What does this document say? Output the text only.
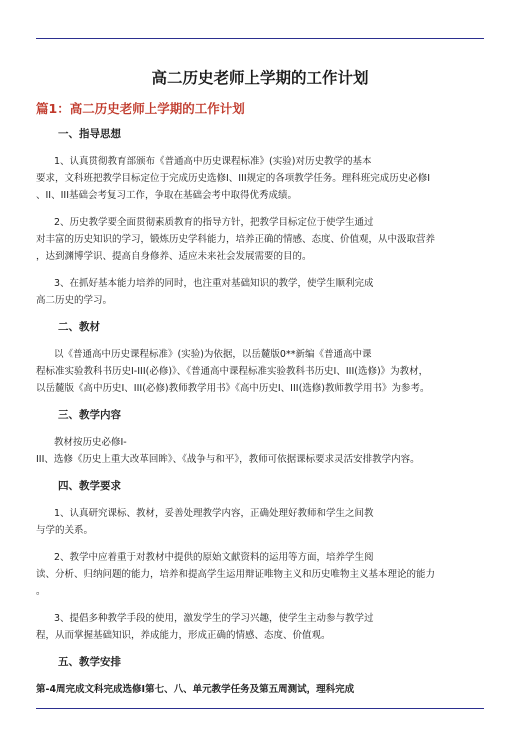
高二历史老师上学期的工作计划
篇1：高二历史老师上学期的工作计划
一、指导思想
1、认真贯彻教育部颁布《普通高中历史课程标准》(实验)对历史教学的基本
要求，文科班把教学目标定位于完成历史选修I、III规定的各项教学任务。理科班完成历史必修I
、II、III基础会考复习工作，争取在基础会考中取得优秀成绩。
2、历史教学要全面贯彻素质教育的指导方针，把教学目标定位于使学生通过
对丰富的历史知识的学习，锻炼历史学科能力，培养正确的情感、态度、价值观，从中汲取营养
，达到渊博学识、提高自身修养、适应未来社会发展需要的目的。
3、在抓好基本能力培养的同时，也注重对基础知识的教学，使学生顺利完成
高二历史的学习。
二、教材
以《普通高中历史课程标准》(实验)为依据，以岳麓版0**新编《普通高中课
程标准实验教科书历史I-III(必修)》、《普通高中课程标准实验教科书历史I、III(选修)》为教材，
以岳麓版《高中历史I、III(必修)教师教学用书》《高中历史I、III(选修)教师教学用书》为参考。
三、教学内容
教材按历史必修I-
III、选修《历史上重大改革回眸》、《战争与和平》，教师可依据课标要求灵活安排教学内容。
四、教学要求
1、认真研究课标、教材，妥善处理教学内容，正确处理好教师和学生之间教
与学的关系。
2、教学中应着重于对教材中提供的原始文献资料的运用等方面，培养学生阅
读、分析、归纳问题的能力，培养和提高学生运用辩证唯物主义和历史唯物主义基本理论的能力
。
3、提倡多种教学手段的使用，激发学生的学习兴趣，使学生主动参与教学过
程，从而掌握基础知识，养成能力，形成正确的情感、态度、价值观。
五、教学安排
第-4周完成文科完成选修I第七、八、单元教学任务及第五周测试，理科完成
